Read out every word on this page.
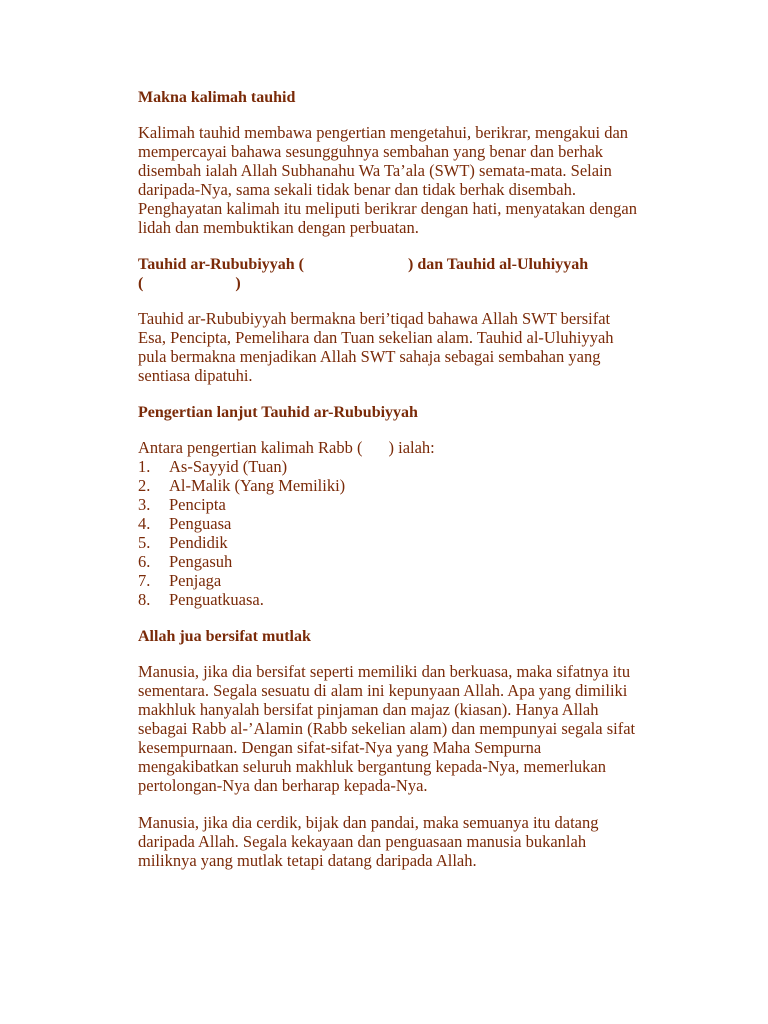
Makna kalimah tauhid

Kalimah tauhid membawa pengertian mengetahui, berikrar, mengakui dan
mempercayai bahawa sesungguhnya sembahan yang benar dan berhak
disembah ialah Allah Subhanahu Wa Ta’ala (SWT) semata-mata. Selain
daripada-Nya, sama sekali tidak benar dan tidak berhak disembah.
Penghayatan kalimah itu meliputi berikrar dengan hati, menyatakan dengan
lidah dan membuktikan dengan perbuatan.

Tauhid ar-Rububiyyah (	) dan Tauhid al-Uluhiyyah
(	)

Tauhid ar-Rububiyyah bermakna beri’tiqad bahawa Allah SWT bersifat
Esa, Pencipta, Pemelihara dan Tuan sekelian alam. Tauhid al-Uluhiyyah
pula bermakna menjadikan Allah SWT sahaja sebagai sembahan yang
sentiasa dipatuhi.

Pengertian lanjut Tauhid ar-Rububiyyah

Antara pengertian kalimah Rabb ( ) ialah:

1.	As-Sayyid (Tuan)
2.	Al-Malik (Yang Memiliki)
3.	Pencipta
4.	Penguasa
5.	Pendidik
6.	Pengasuh
7.	Penjaga
8.	Penguatkuasa.

Allah jua bersifat mutlak

Manusia, jika dia bersifat seperti memiliki dan berkuasa, maka sifatnya itu
sementara. Segala sesuatu di alam ini kepunyaan Allah. Apa yang dimiliki
makhluk hanyalah bersifat pinjaman dan majaz (kiasan). Hanya Allah
sebagai Rabb al-’Alamin (Rabb sekelian alam) dan mempunyai segala sifat
kesempurnaan. Dengan sifat-sifat-Nya yang Maha Sempurna
mengakibatkan seluruh makhluk bergantung kepada-Nya, memerlukan
pertolongan-Nya dan berharap kepada-Nya.

Manusia, jika dia cerdik, bijak dan pandai, maka semuanya itu datang
daripada Allah. Segala kekayaan dan penguasaan manusia bukanlah
miliknya yang mutlak tetapi datang daripada Allah.
